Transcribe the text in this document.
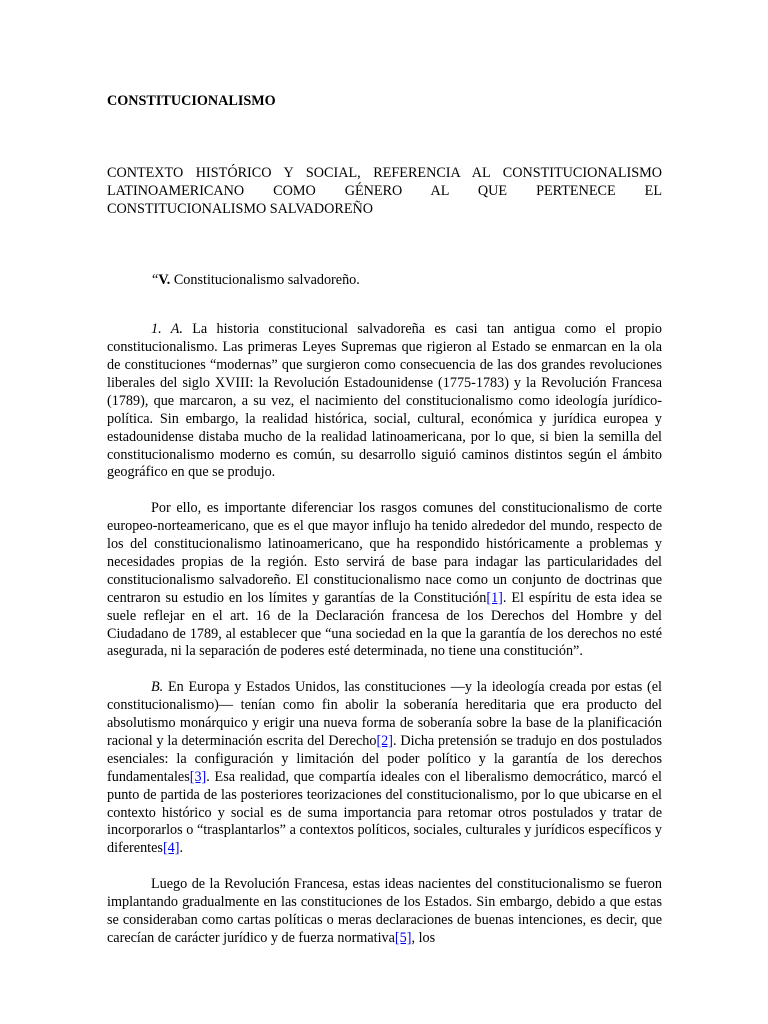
CONSTITUCIONALISMO
CONTEXTO HISTÓRICO Y SOCIAL, REFERENCIA AL CONSTITUCIONALISMO
LATINOAMERICANO COMO GÉNERO AL QUE PERTENECE EL
CONSTITUCIONALISMO SALVADOREÑO
“V. Constitucionalismo salvadoreño.

1. A. La historia constitucional salvadoreña es casi tan antigua como el propio constitucionalismo. Las primeras Leyes Supremas que rigieron al Estado se enmarcan en la ola de constituciones “modernas” que surgieron como consecuencia de las dos grandes revoluciones liberales del siglo XVIII: la Revolución Estadounidense (1775-1783) y la Revolución Francesa (1789), que marcaron, a su vez, el nacimiento del constitucionalismo como ideología jurídico-política. Sin embargo, la realidad histórica, social, cultural, económica y jurídica europea y estadounidense distaba mucho de la realidad latinoamericana, por lo que, si bien la semilla del constitucionalismo moderno es común, su desarrollo siguió caminos distintos según el ámbito geográfico en que se produjo.

Por ello, es importante diferenciar los rasgos comunes del constitucionalismo de corte europeo-norteamericano, que es el que mayor influjo ha tenido alrededor del mundo, respecto de los del constitucionalismo latinoamericano, que ha respondido históricamente a problemas y necesidades propias de la región. Esto servirá de base para indagar las particularidades del constitucionalismo salvadoreño. El constitucionalismo nace como un conjunto de doctrinas que centraron su estudio en los límites y garantías de la Constitución[1]. El espíritu de esta idea se suele reflejar en el art. 16 de la Declaración francesa de los Derechos del Hombre y del Ciudadano de 1789, al establecer que “una sociedad en la que la garantía de los derechos no esté asegurada, ni la separación de poderes esté determinada, no tiene una constitución”.

B. En Europa y Estados Unidos, las constituciones —y la ideología creada por estas (el constitucionalismo)— tenían como fin abolir la soberanía hereditaria que era producto del absolutismo monárquico y erigir una nueva forma de soberanía sobre la base de la planificación racional y la determinación escrita del Derecho[2]. Dicha pretensión se tradujo en dos postulados esenciales: la configuración y limitación del poder político y la garantía de los derechos fundamentales[3]. Esa realidad, que compartía ideales con el liberalismo democrático, marcó el punto de partida de las posteriores teorizaciones del constitucionalismo, por lo que ubicarse en el contexto histórico y social es de suma importancia para retomar otros postulados y tratar de incorporarlos o “trasplantarlos” a contextos políticos, sociales, culturales y jurídicos específicos y diferentes[4].

Luego de la Revolución Francesa, estas ideas nacientes del constitucionalismo se fueron implantando gradualmente en las constituciones de los Estados. Sin embargo, debido a que estas se consideraban como cartas políticas o meras declaraciones de buenas intenciones, es decir, que carecían de carácter jurídico y de fuerza normativa[5], los
